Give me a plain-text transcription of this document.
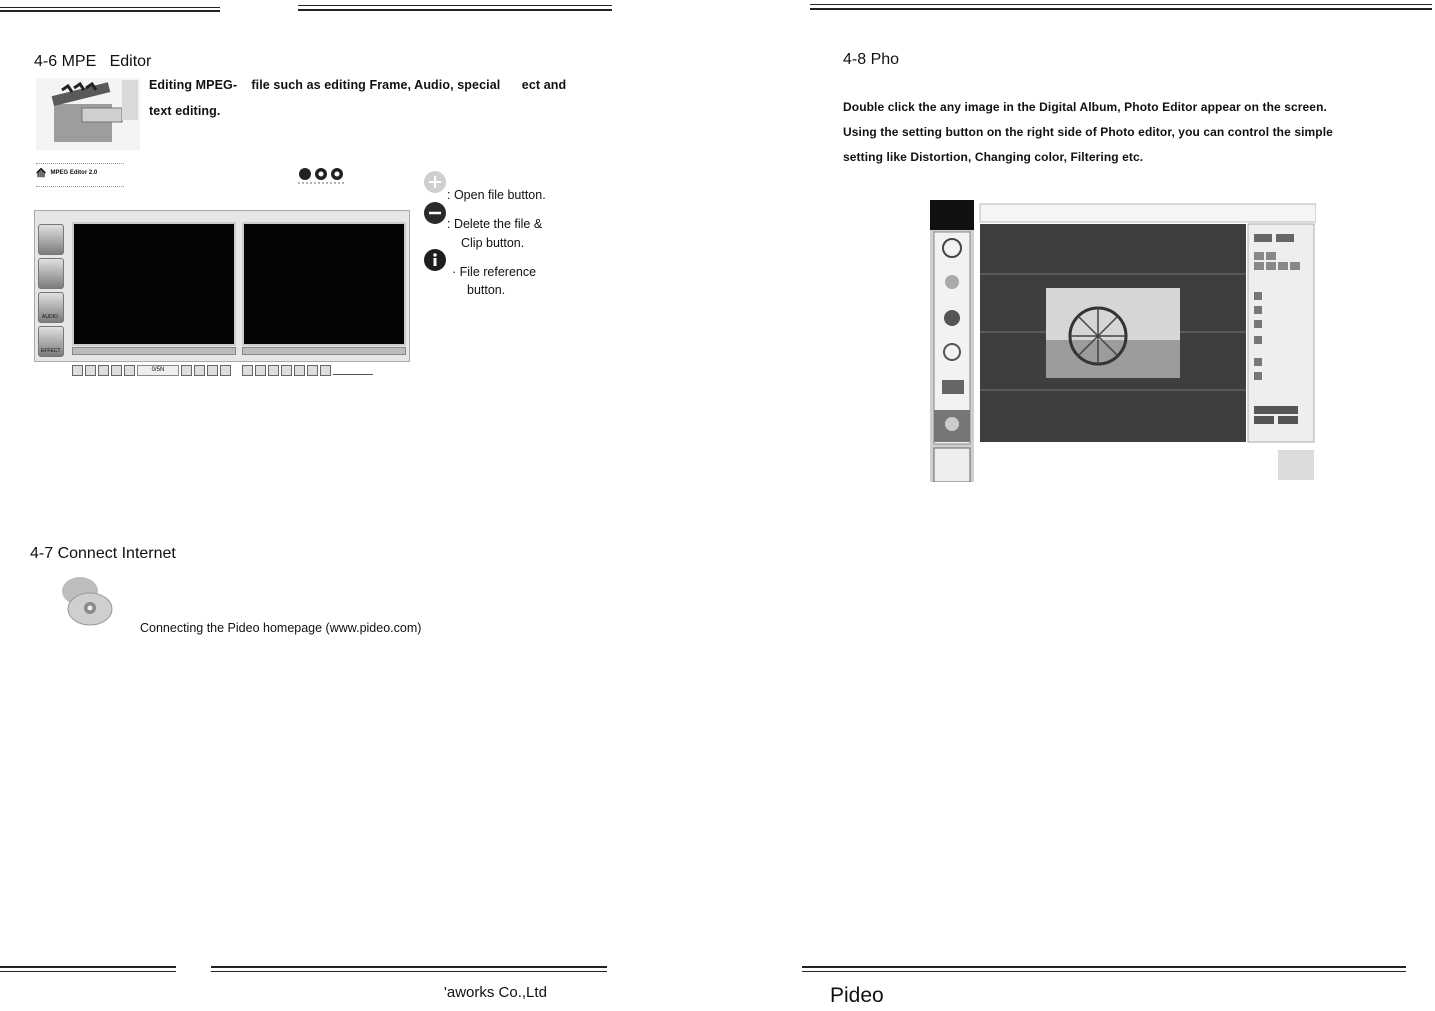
4-6 MPE   Editor
Editing MPEG-    file such as editing Frame, Audio, special      ect and
text editing.
⟰ MPEG Editor 2.0
AUDIO
EFFECT
0/5N
: Open file button.
: Delete the file &
Clip button.
· File reference
button.
4-7 Connect Internet
Connecting the Pideo homepage (www.pideo.com)
4-8 Pho
Double click the any image in the Digital Album, Photo Editor appear on the screen.
Using the setting button on the right side of Photo editor, you can control the simple
setting like Distortion, Changing color, Filtering etc.
'aworks Co.,Ltd	Pideo
